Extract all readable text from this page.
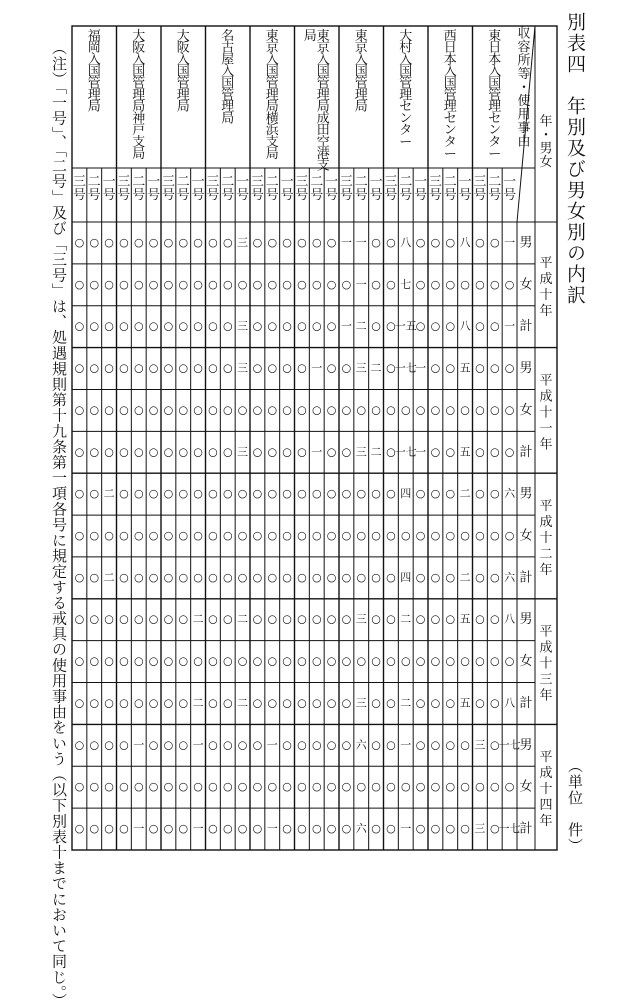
別表四　年別及び男女別の内訳
（単位　件）
（注）「一号」、「二号」及び「三号」は、処遇規則第十九条第一項各号に規定する戒具の使用事由をいう（以下別表十までにおいて同じ。）
収容所等・使用事由
年・男女
東日本入国管理センター
一号
一
○
一
○
○
○
六
○
六
八
○
八
一七
○
一七
二号
○
○
○
○
○
○
○
○
○
○
○
○
○
○
○
三号
○
○
○
○
○
○
○
○
○
○
○
○
三
○
三
西日本入国管理センター
一号
八
○
八
五
○
五
二
○
二
五
○
五
○
○
○
二号
○
○
○
○
○
○
○
○
○
○
○
○
○
○
○
三号
○
○
○
○
○
○
○
○
○
○
○
○
○
○
○
大村入国管理センター
一号
○
○
○
一
○
一
○
○
○
○
○
○
○
○
○
二号
八
七
一五
一七
○
一七
四
○
四
二
○
二
一
○
一
三号
○
○
○
○
○
○
○
○
○
○
○
○
○
○
○
東京入国管理局
一号
○
○
○
二
○
二
○
○
○
○
○
○
○
○
○
二号
一
一
二
三
○
三
○
○
○
三
○
三
六
○
六
三号
一
○
一
○
○
○
○
○
○
○
○
○
○
○
○
東京入国管理局成田空港支
局
一号
○
○
○
○
○
○
○
○
○
○
○
○
○
○
○
二号
○
○
○
一
○
一
○
○
○
○
○
○
○
○
○
三号
○
○
○
○
○
○
○
○
○
○
○
○
○
○
○
東京入国管理局横浜支局
一号
○
○
○
○
○
○
○
○
○
○
○
○
○
○
○
二号
○
○
○
○
○
○
○
○
○
○
○
○
一
○
一
三号
○
○
○
○
○
○
○
○
○
○
○
○
○
○
○
名古屋入国管理局
一号
三
○
三
三
○
三
○
○
○
二
○
二
○
○
○
二号
○
○
○
○
○
○
○
○
○
○
○
○
○
○
○
三号
○
○
○
○
○
○
○
○
○
○
○
○
○
○
○
大阪入国管理局
一号
○
○
○
○
○
○
○
○
○
二
○
二
一
○
一
二号
○
○
○
○
○
○
○
○
○
○
○
○
○
○
○
三号
○
○
○
○
○
○
○
○
○
○
○
○
○
○
○
大阪入国管理局神戸支局
一号
○
○
○
○
○
○
○
○
○
○
○
○
○
○
○
二号
○
○
○
○
○
○
○
○
○
○
○
○
一
○
一
三号
○
○
○
○
○
○
○
○
○
○
○
○
○
○
○
福岡入国管理局
一号
○
○
○
○
○
○
二
○
二
○
○
○
○
○
○
二号
○
○
○
○
○
○
○
○
○
○
○
○
○
○
○
三号
○
○
○
○
○
○
○
○
○
○
○
○
○
○
○
平成十年
男
女
計
平成十一年
男
女
計
平成十二年
男
女
計
平成十三年
男
女
計
平成十四年
男
女
計
